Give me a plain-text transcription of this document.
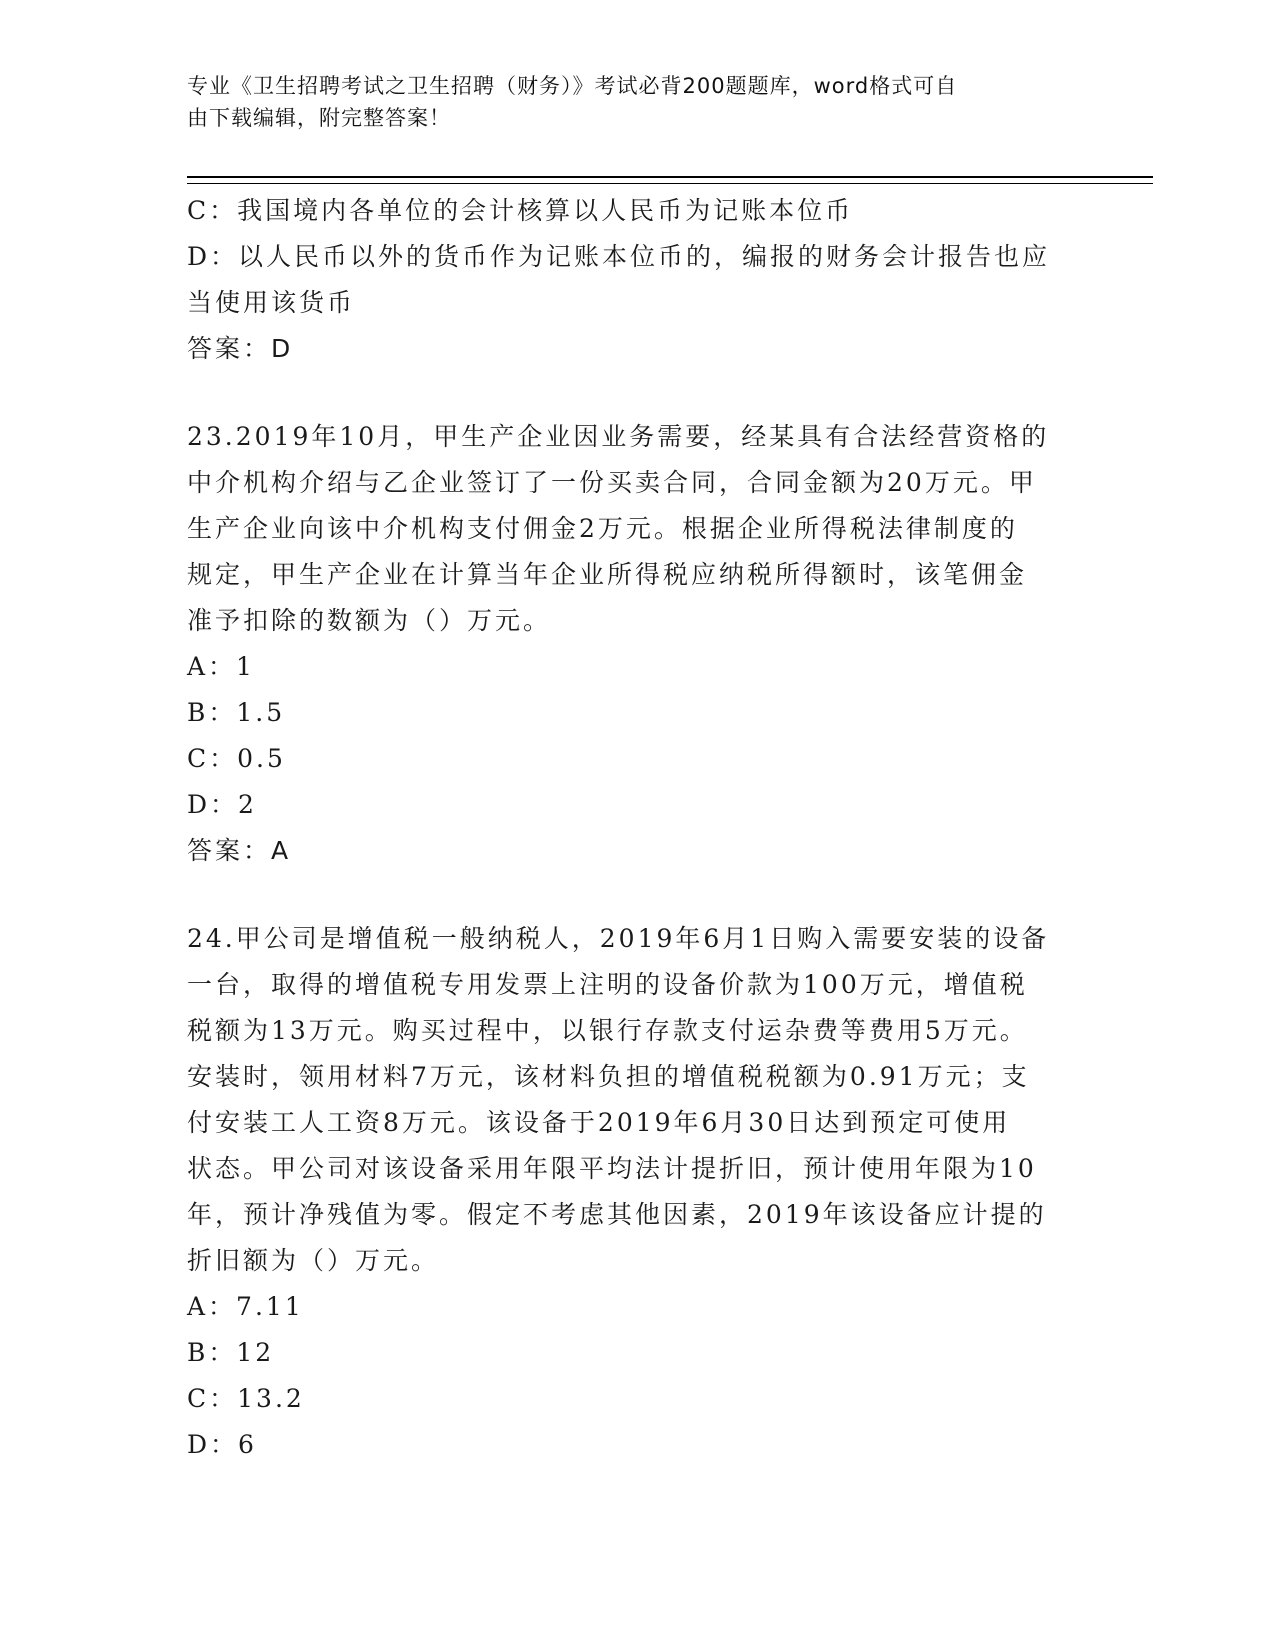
专业《卫生招聘考试之卫生招聘（财务）》考试必背200题题库，word格式可自
由下载编辑，附完整答案！
C：我国境内各单位的会计核算以人民币为记账本位币
D：以人民币以外的货币作为记账本位币的，编报的财务会计报告也应
当使用该货币
答案：D
23.2019年10月，甲生产企业因业务需要，经某具有合法经营资格的
中介机构介绍与乙企业签订了一份买卖合同，合同金额为20万元。甲
生产企业向该中介机构支付佣金2万元。根据企业所得税法律制度的
规定，甲生产企业在计算当年企业所得税应纳税所得额时，该笔佣金
准予扣除的数额为（）万元。
A：1
B：1.5
C：0.5
D：2
答案：A
24.甲公司是增值税一般纳税人，2019年6月1日购入需要安装的设备
一台，取得的增值税专用发票上注明的设备价款为100万元，增值税
税额为13万元。购买过程中，以银行存款支付运杂费等费用5万元。
安装时，领用材料7万元，该材料负担的增值税税额为0.91万元；支
付安装工人工资8万元。该设备于2019年6月30日达到预定可使用
状态。甲公司对该设备采用年限平均法计提折旧，预计使用年限为10
年，预计净残值为零。假定不考虑其他因素，2019年该设备应计提的
折旧额为（）万元。
A：7.11
B：12
C：13.2
D：6
